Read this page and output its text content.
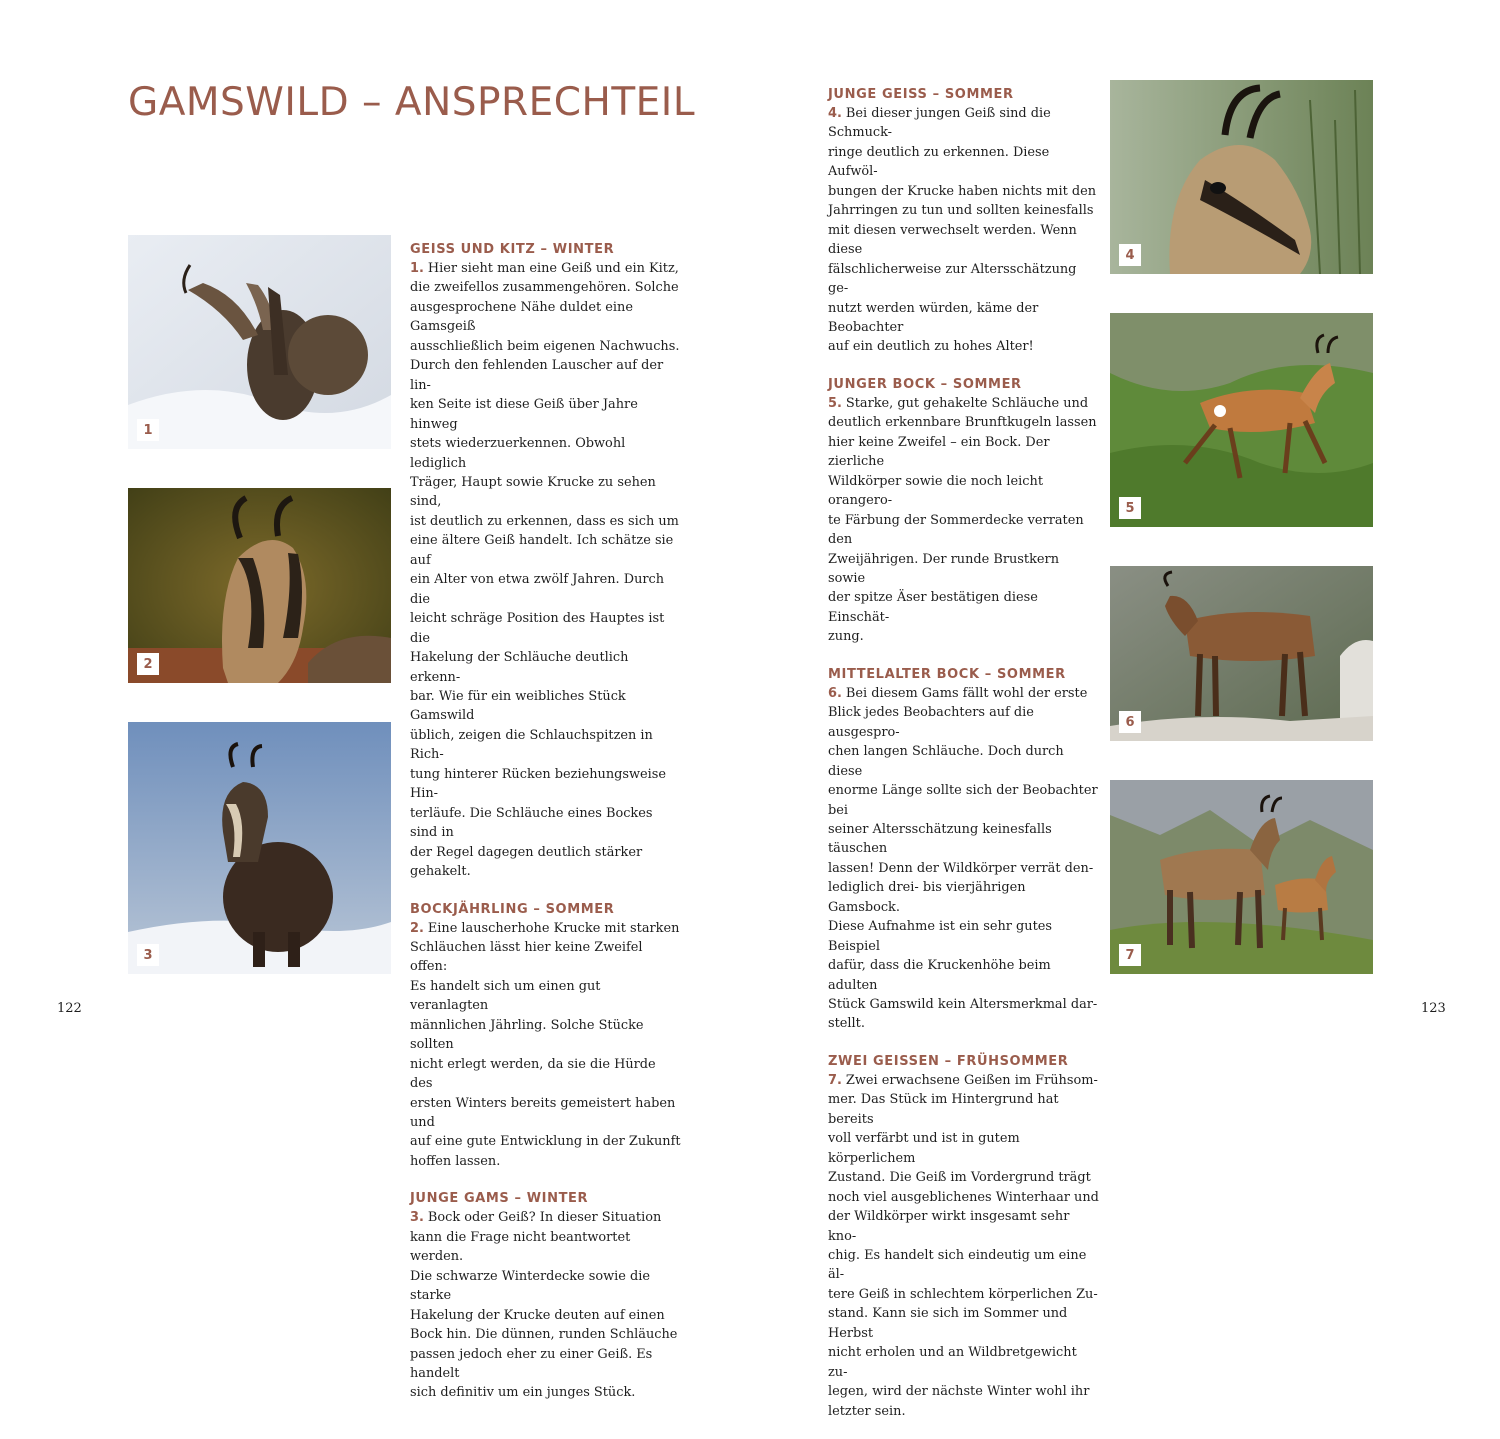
GAMSWILD – ANSPRECHTEIL
1
2
3
GEISS UND KITZ – WINTER

1. Hier sieht man eine Geiß und ein Kitz,
die zweifellos zusammengehören. Solche
ausgesprochene Nähe duldet eine Gamsgeiß
ausschließlich beim eigenen Nachwuchs.
Durch den fehlenden Lauscher auf der lin-
ken Seite ist diese Geiß über Jahre hinweg
stets wiederzuerkennen. Obwohl lediglich
Träger, Haupt sowie Krucke zu sehen sind,
ist deutlich zu erkennen, dass es sich um
eine ältere Geiß handelt. Ich schätze sie auf
ein Alter von etwa zwölf Jahren. Durch die
leicht schräge Position des Hauptes ist die
Hakelung der Schläuche deutlich erkenn-
bar. Wie für ein weibliches Stück Gamswild
üblich, zeigen die Schlauchspitzen in Rich-
tung hinterer Rücken beziehungsweise Hin-
terläufe. Die Schläuche eines Bockes sind in
der Regel dagegen deutlich stärker gehakelt.

BOCKJÄHRLING – SOMMER

2. Eine lauscherhohe Krucke mit starken
Schläuchen lässt hier keine Zweifel offen:
Es handelt sich um einen gut veranlagten
männlichen Jährling. Solche Stücke sollten
nicht erlegt werden, da sie die Hürde des
ersten Winters bereits gemeistert haben und
auf eine gute Entwicklung in der Zukunft
hoffen lassen.

JUNGE GAMS – WINTER

3. Bock oder Geiß? In dieser Situation
kann die Frage nicht beantwortet werden.
Die schwarze Winterdecke sowie die starke
Hakelung der Krucke deuten auf einen
Bock hin. Die dünnen, runden Schläuche
passen jedoch eher zu einer Geiß. Es handelt
sich definitiv um ein junges Stück.

JUNGE GEISS – SOMMER

4. Bei dieser jungen Geiß sind die Schmuck-
ringe deutlich zu erkennen. Diese Aufwöl-
bungen der Krucke haben nichts mit den
Jahrringen zu tun und sollten keinesfalls
mit diesen verwechselt werden. Wenn diese
fälschlicherweise zur Altersschätzung ge-
nutzt werden würden, käme der Beobachter
auf ein deutlich zu hohes Alter!

JUNGER BOCK – SOMMER

5. Starke, gut gehakelte Schläuche und
deutlich erkennbare Brunftkugeln lassen
hier keine Zweifel – ein Bock. Der zierliche
Wildkörper sowie die noch leicht orangero-
te Färbung der Sommerdecke verraten den
Zweijährigen. Der runde Brustkern sowie
der spitze Äser bestätigen diese Einschät-
zung.

MITTELALTER BOCK – SOMMER

6. Bei diesem Gams fällt wohl der erste
Blick jedes Beobachters auf die ausgespro-
chen langen Schläuche. Doch durch diese
enorme Länge sollte sich der Beobachter bei
seiner Altersschätzung keinesfalls täuschen
lassen! Denn der Wildkörper verrät den-
lediglich drei- bis vierjährigen Gamsbock.
Diese Aufnahme ist ein sehr gutes Beispiel
dafür, dass die Kruckenhöhe beim adulten
Stück Gamswild kein Altersmerkmal dar-
stellt.

ZWEI GEISSEN – FRÜHSOMMER

7. Zwei erwachsene Geißen im Frühsom-
mer. Das Stück im Hintergrund hat bereits
voll verfärbt und ist in gutem körperlichem
Zustand. Die Geiß im Vordergrund trägt
noch viel ausgeblichenes Winterhaar und
der Wildkörper wirkt insgesamt sehr kno-
chig. Es handelt sich eindeutig um eine äl-
tere Geiß in schlechtem körperlichen Zu-
stand. Kann sie sich im Sommer und Herbst
nicht erholen und an Wildbretgewicht zu-
legen, wird der nächste Winter wohl ihr
letzter sein.

4
5
6
7
122	123
